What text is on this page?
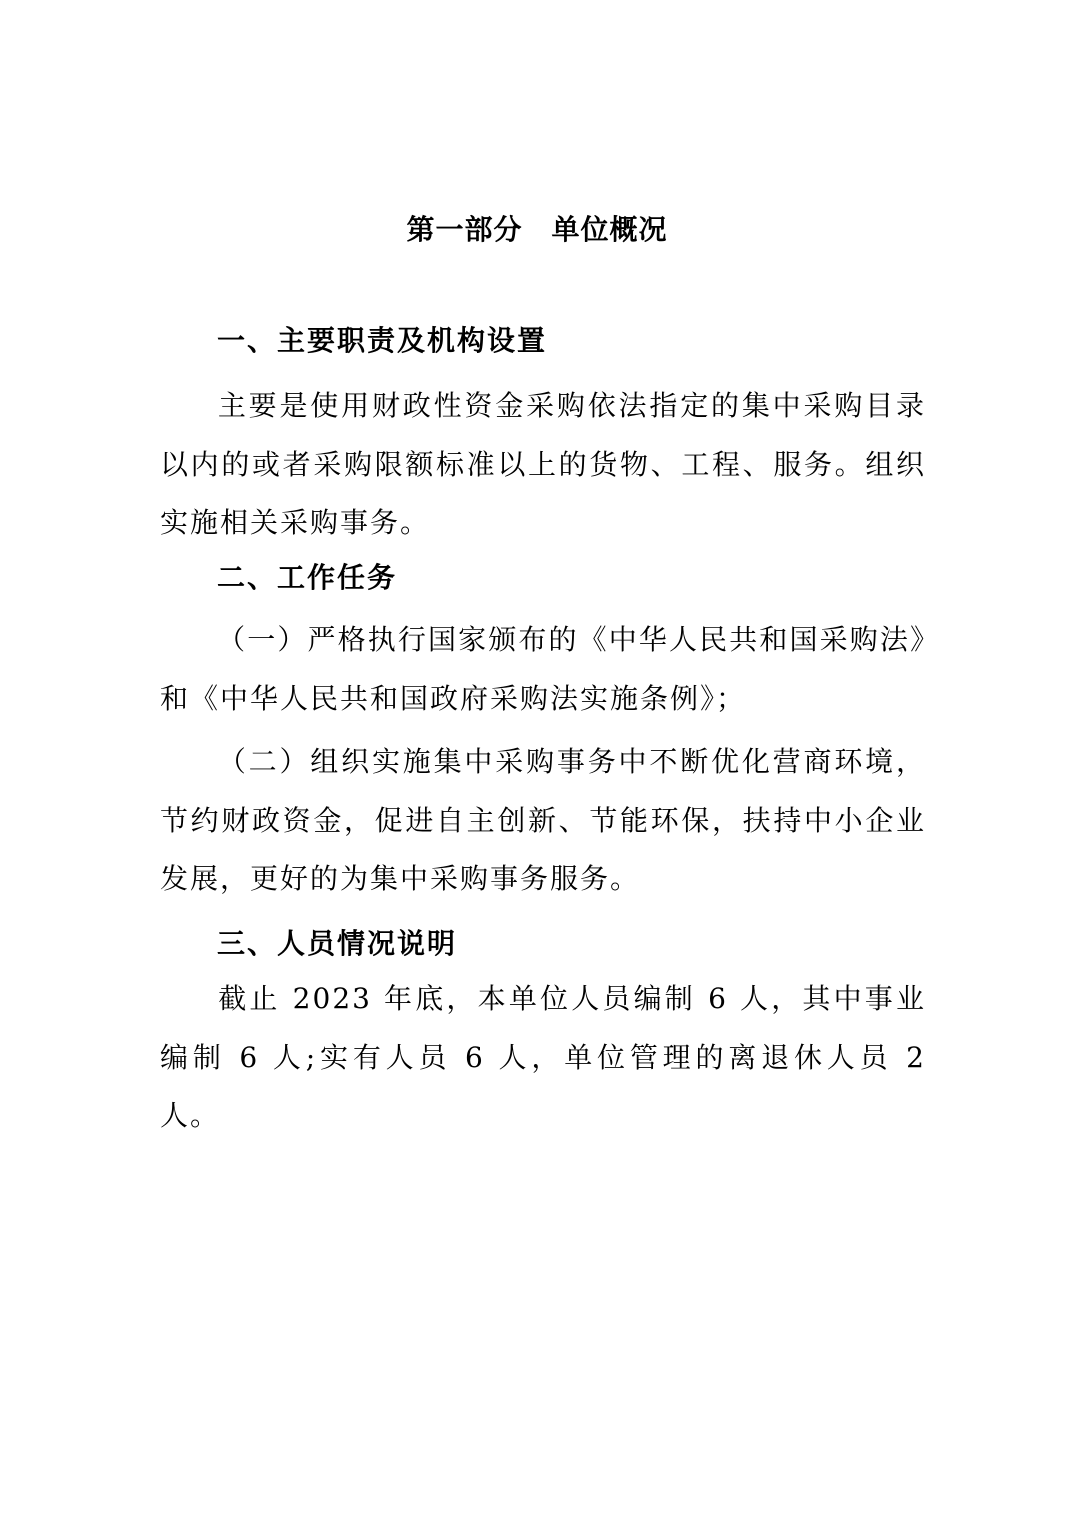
第一部分　单位概况
一、主要职责及机构设置
主要是使用财政性资金采购依法指定的集中采购目录以内的或者采购限额标准以上的货物、工程、服务。组织实施相关采购事务。
二、工作任务
（一）严格执行国家颁布的《中华人民共和国采购法》和《中华人民共和国政府采购法实施条例》；
（二）组织实施集中采购事务中不断优化营商环境，节约财政资金，促进自主创新、节能环保，扶持中小企业发展，更好的为集中采购事务服务。
三、人员情况说明
截止 2023 年底，本单位人员编制 6 人，其中事业编制 6 人;实有人员 6 人，单位管理的离退休人员 2 人。
